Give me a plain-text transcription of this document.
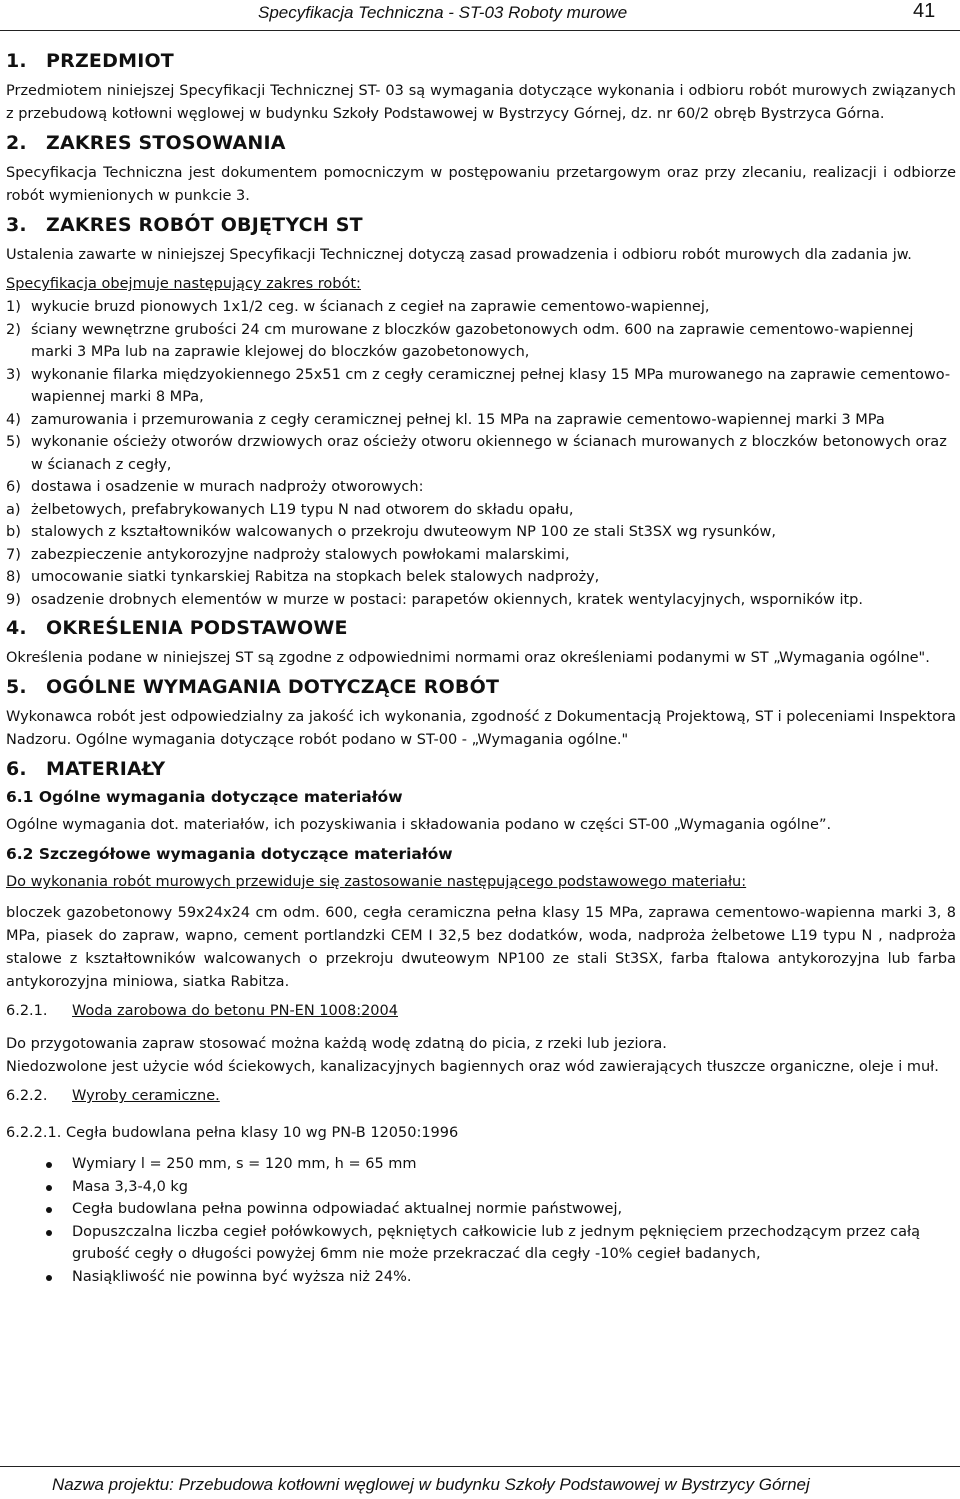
Specyfikacja Techniczna - ST-03 Roboty murowe	41
1. PRZEDMIOT

Przedmiotem niniejszej Specyfikacji Technicznej ST- 03 są wymagania dotyczące wykonania i odbioru robót murowych związanych z przebudową kotłowni węglowej w budynku Szkoły Podstawowej w Bystrzycy Górnej, dz. nr 60/2 obręb Bystrzyca Górna.

2. ZAKRES STOSOWANIA

Specyfikacja Techniczna jest dokumentem pomocniczym w postępowaniu przetargowym oraz przy zlecaniu, realizacji i odbiorze robót wymienionych w punkcie 3.

3. ZAKRES ROBÓT OBJĘTYCH ST

Ustalenia zawarte w niniejszej Specyfikacji Technicznej dotyczą zasad prowadzenia i odbioru robót murowych dla zadania jw.

Specyfikacja obejmuje następujący zakres robót:

1) wykucie bruzd pionowych 1x1/2 ceg. w ścianach z cegieł na zaprawie cementowo-wapiennej,
2) ściany wewnętrzne grubości 24 cm murowane z bloczków gazobetonowych odm. 600 na zaprawie cementowo-wapiennej marki 3 MPa lub na zaprawie klejowej do bloczków gazobetonowych,
3) wykonanie filarka międzyokiennego 25x51 cm z cegły ceramicznej pełnej klasy 15 MPa murowanego na zaprawie cementowo-wapiennej marki 8 MPa,
4) zamurowania i przemurowania z cegły ceramicznej pełnej kl. 15 MPa na zaprawie cementowo-wapiennej marki 3 MPa
5) wykonanie ościeży otworów drzwiowych oraz ościeży otworu okiennego w ścianach murowanych z bloczków betonowych oraz w ścianach z cegły,
6) dostawa i osadzenie w murach nadproży otworowych:
a) żelbetowych, prefabrykowanych L19 typu N nad otworem do składu opału,
b) stalowych z kształtowników walcowanych o przekroju dwuteowym NP 100 ze stali St3SX wg rysunków,
7) zabezpieczenie antykorozyjne nadproży stalowych powłokami malarskimi,
8) umocowanie siatki tynkarskiej Rabitza na stopkach belek stalowych nadproży,
9) osadzenie drobnych elementów w murze w postaci: parapetów okiennych, kratek wentylacyjnych, wsporników itp.
4. OKREŚLENIA PODSTAWOWE

Określenia podane w niniejszej ST są zgodne z odpowiednimi normami oraz określeniami podanymi w ST „Wymagania ogólne".

5. OGÓLNE WYMAGANIA DOTYCZĄCE ROBÓT

Wykonawca robót jest odpowiedzialny za jakość ich wykonania, zgodność z Dokumentacją Projektową, ST i poleceniami Inspektora Nadzoru. Ogólne wymagania dotyczące robót podano w ST-00 - „Wymagania ogólne."

6. MATERIAŁY
6.1 Ogólne wymagania dotyczące materiałów

Ogólne wymagania dot. materiałów, ich pozyskiwania i składowania podano w części ST-00 „Wymagania ogólne”.

6.2 Szczegółowe wymagania dotyczące materiałów

Do wykonania robót murowych przewiduje się zastosowanie następującego podstawowego materiału:

bloczek gazobetonowy 59x24x24 cm odm. 600, cegła ceramiczna pełna klasy 15 MPa, zaprawa cementowo-wapienna marki 3, 8 MPa, piasek do zapraw, wapno, cement portlandzki CEM I 32,5 bez dodatków, woda, nadproża żelbetowe L19 typu N , nadproża stalowe z kształtowników walcowanych o przekroju dwuteowym NP100 ze stali St3SX, farba ftalowa antykorozyjna lub farba antykorozyjna miniowa, siatka Rabitza.

6.2.1. Woda zarobowa do betonu PN-EN 1008:2004

Do przygotowania zapraw stosować można każdą wodę zdatną do picia, z rzeki lub jeziora.

Niedozwolone jest użycie wód ściekowych, kanalizacyjnych bagiennych oraz wód zawierających tłuszcze organiczne, oleje i muł.

6.2.2. Wyroby ceramiczne.

6.2.2.1. Cegła budowlana pełna klasy 10 wg PN-B 12050:1996

Wymiary l = 250 mm, s = 120 mm, h = 65 mm
Masa 3,3-4,0 kg
Cegła budowlana pełna powinna odpowiadać aktualnej normie państwowej,
Dopuszczalna liczba cegieł połówkowych, pękniętych całkowicie lub z jednym pęknięciem przechodzącym przez całą grubość cegły o długości powyżej 6mm nie może przekraczać dla cegły -10% cegieł badanych,
Nasiąkliwość nie powinna być wyższa niż 24%.
Nazwa projektu: Przebudowa kotłowni węglowej w budynku Szkoły Podstawowej w Bystrzycy Górnej
